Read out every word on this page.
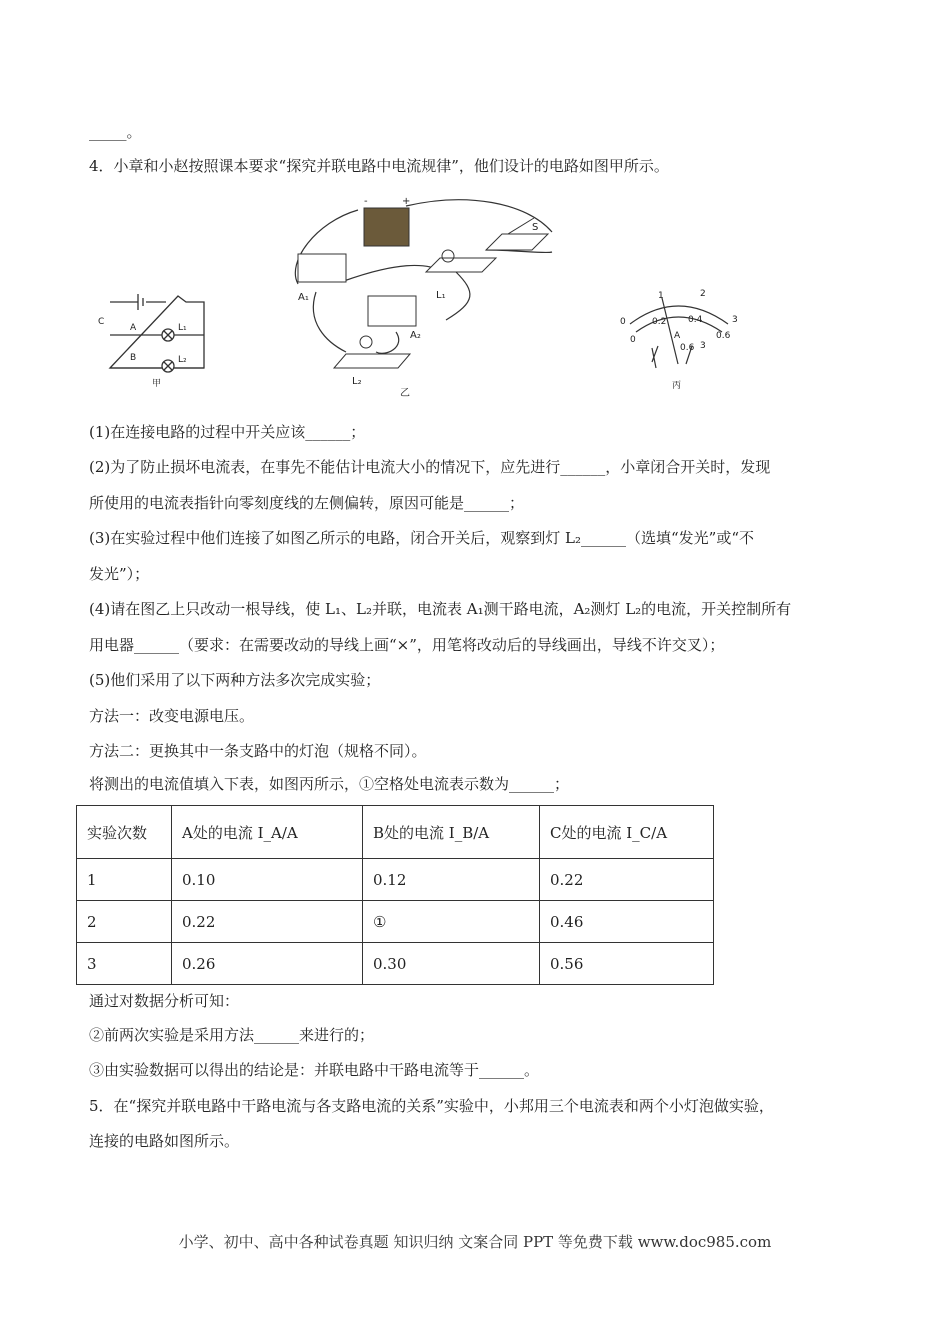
_____。
4．小章和小赵按照课本要求“探究并联电路中电流规律”，他们设计的电路如图甲所示。
C
A
B
L₁
L₂
甲
-	+
S
A₁
A₂
L₁
L₂
乙
0
1	2
3
0
0.2 0.4
0.6
A
0.6 3
丙
(1)在连接电路的过程中开关应该______；
(2)为了防止损坏电流表，在事先不能估计电流大小的情况下，应先进行______，小章闭合开关时，发现
所使用的电流表指针向零刻度线的左侧偏转，原因可能是______；
(3)在实验过程中他们连接了如图乙所示的电路，闭合开关后，观察到灯 L₂______（选填“发光”或“不
发光”）；
(4)请在图乙上只改动一根导线，使 L₁、L₂并联，电流表 A₁测干路电流，A₂测灯 L₂的电流，开关控制所有
用电器______（要求：在需要改动的导线上画“×”，用笔将改动后的导线画出，导线不许交叉）；
(5)他们采用了以下两种方法多次完成实验；
方法一：改变电源电压。
方法二：更换其中一条支路中的灯泡（规格不同）。
将测出的电流值填入下表，如图丙所示，①空格处电流表示数为______；
实验次数	A处的电流 I_A/A	B处的电流 I_B/A	C处的电流 I_C/A
1	0.10	0.12	0.22
2	0.22	①	0.46
3	0.26	0.30	0.56
通过对数据分析可知：
②前两次实验是采用方法______来进行的；
③由实验数据可以得出的结论是：并联电路中干路电流等于______。
5．在“探究并联电路中干路电流与各支路电流的关系”实验中，小邦用三个电流表和两个小灯泡做实验，
连接的电路如图所示。
小学、初中、高中各种试卷真题 知识归纳 文案合同 PPT 等免费下载 www.doc985.com
